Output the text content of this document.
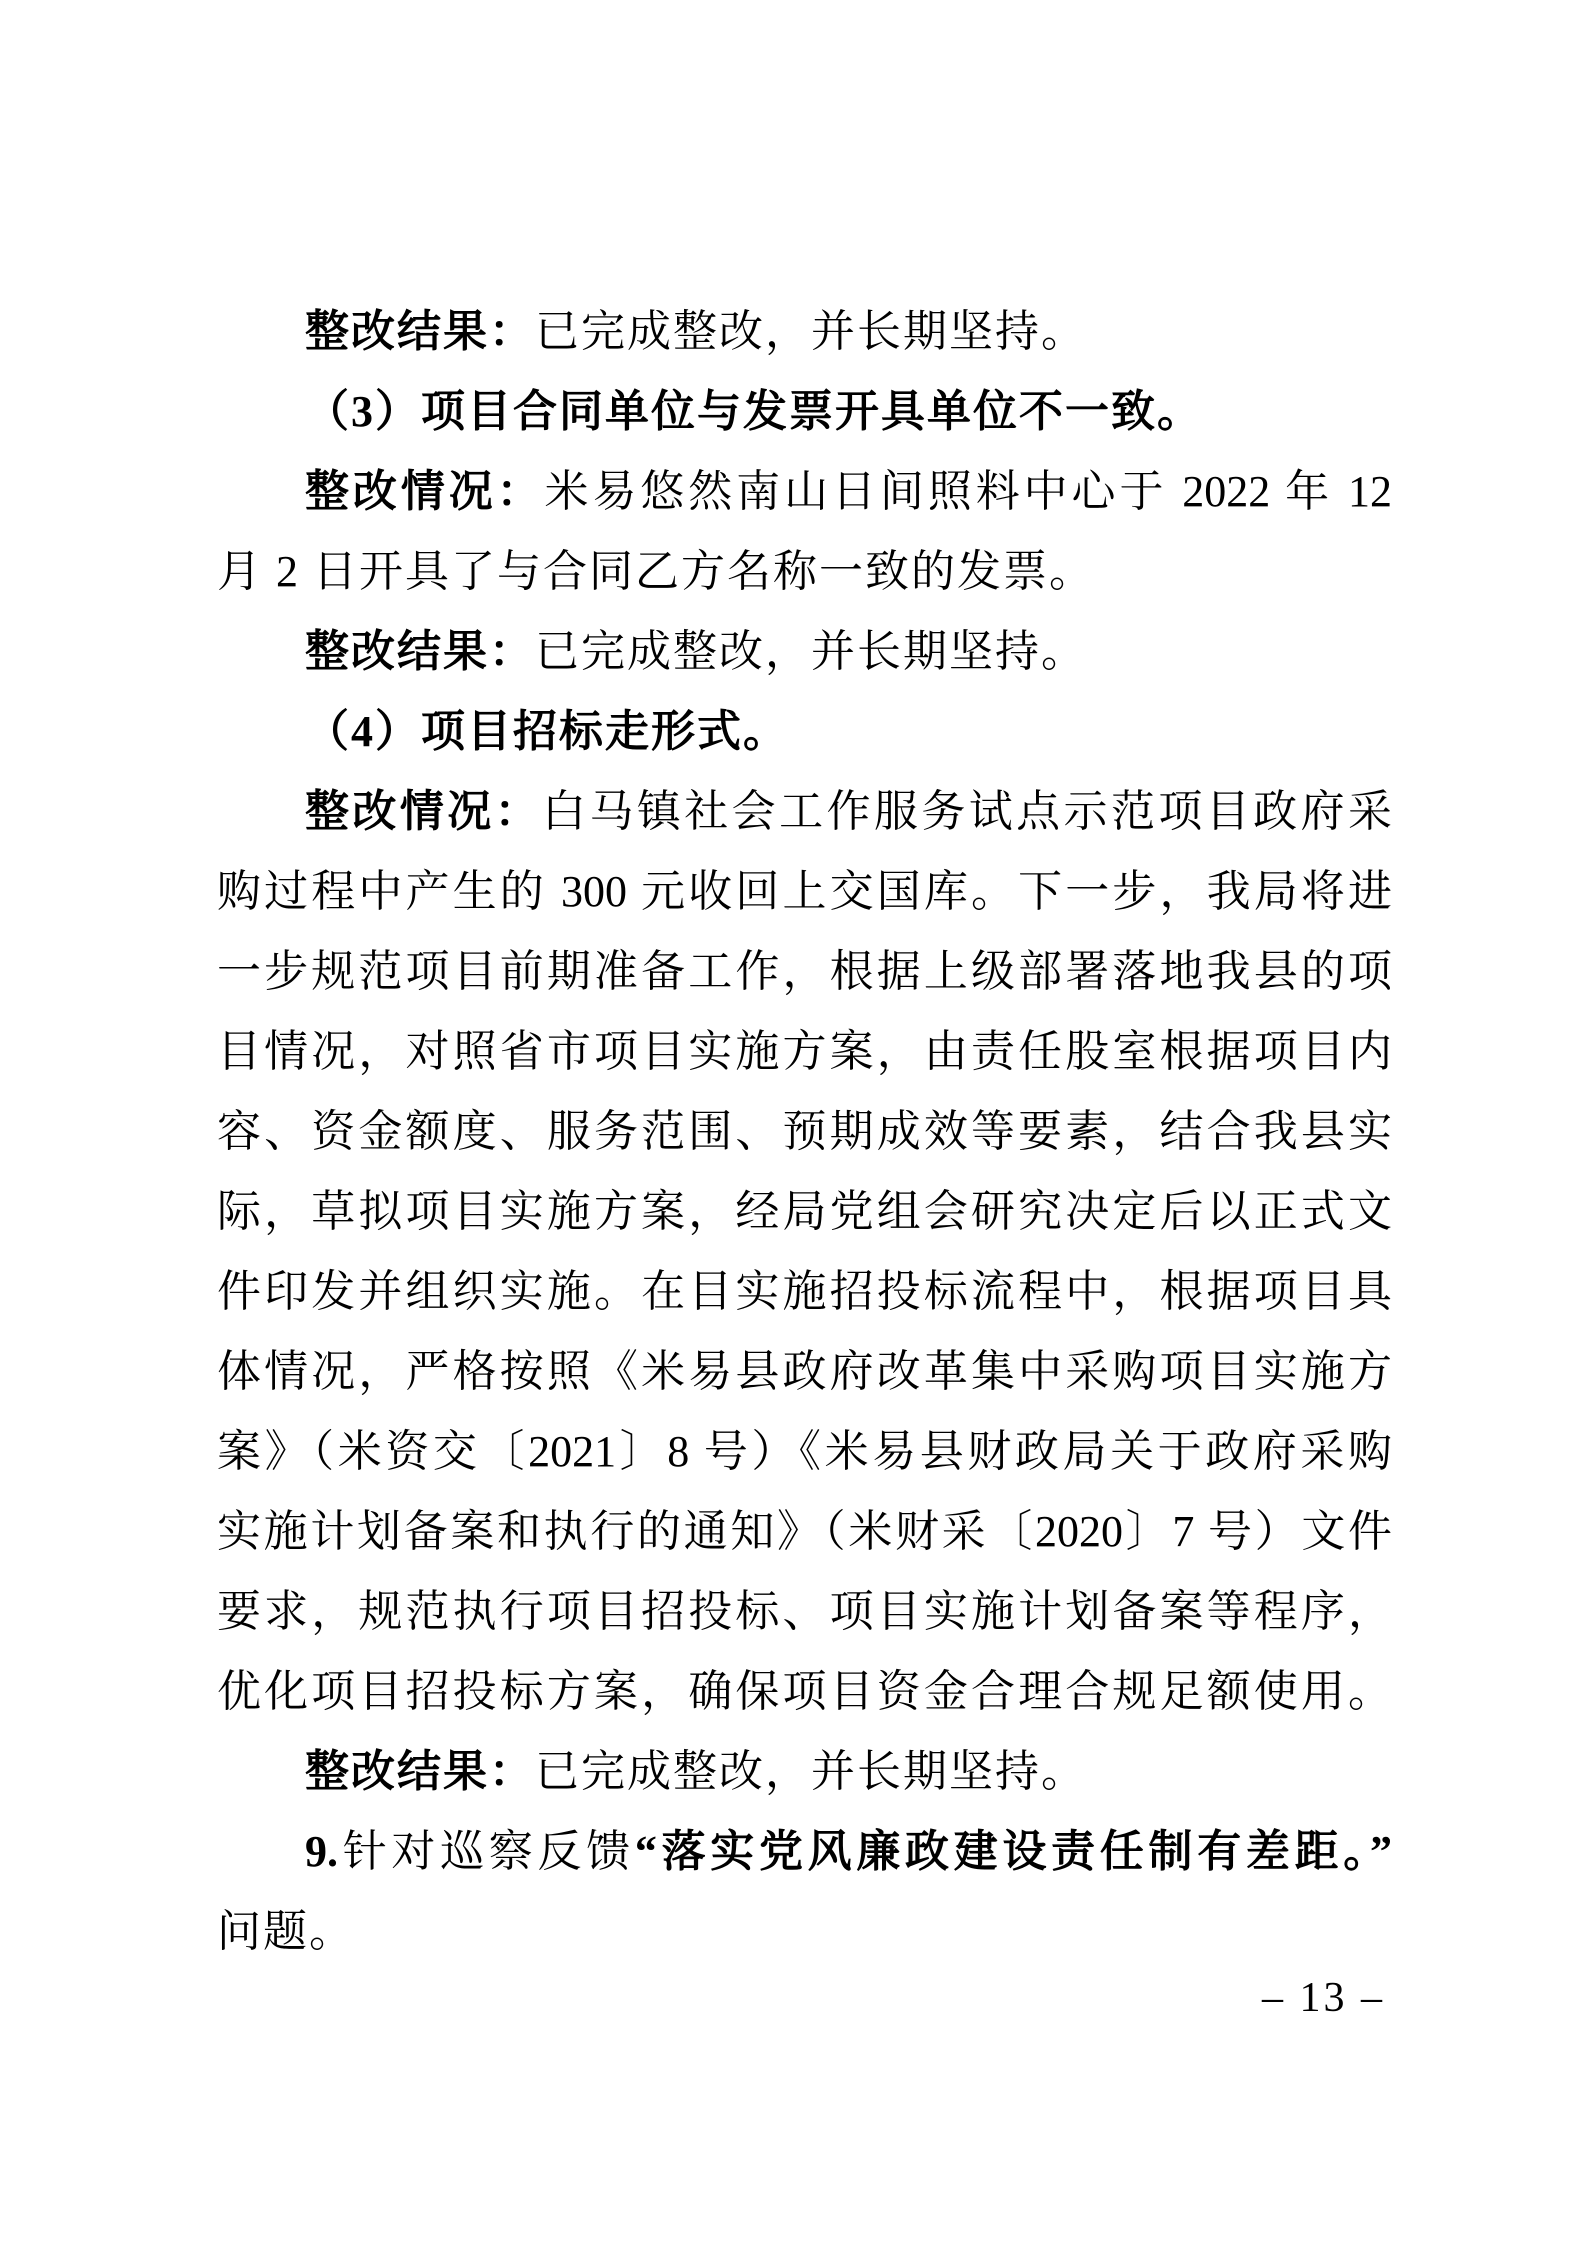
整改结果：已完成整改，并长期坚持。
（3）项目合同单位与发票开具单位不一致。
整改情况：米易悠然南山日间照料中心于 2022 年 12
月 2 日开具了与合同乙方名称一致的发票。
整改结果：已完成整改，并长期坚持。
（4）项目招标走形式。
整改情况：白马镇社会工作服务试点示范项目政府采
购过程中产生的 300 元收回上交国库。下一步，我局将进
一步规范项目前期准备工作，根据上级部署落地我县的项
目情况，对照省市项目实施方案，由责任股室根据项目内
容、资金额度、服务范围、预期成效等要素，结合我县实
际，草拟项目实施方案，经局党组会研究决定后以正式文
件印发并组织实施。在目实施招投标流程中，根据项目具
体情况，严格按照《米易县政府改革集中采购项目实施方
案》（米资交〔2021〕8 号）《米易县财政局关于政府采购
实施计划备案和执行的通知》（米财采〔2020〕7 号）文件
要求，规范执行项目招投标、项目实施计划备案等程序，
优化项目招投标方案，确保项目资金合理合规足额使用。
整改结果：已完成整改，并长期坚持。
9.针对巡察反馈“落实党风廉政建设责任制有差距。”
问题。
– 13 –
